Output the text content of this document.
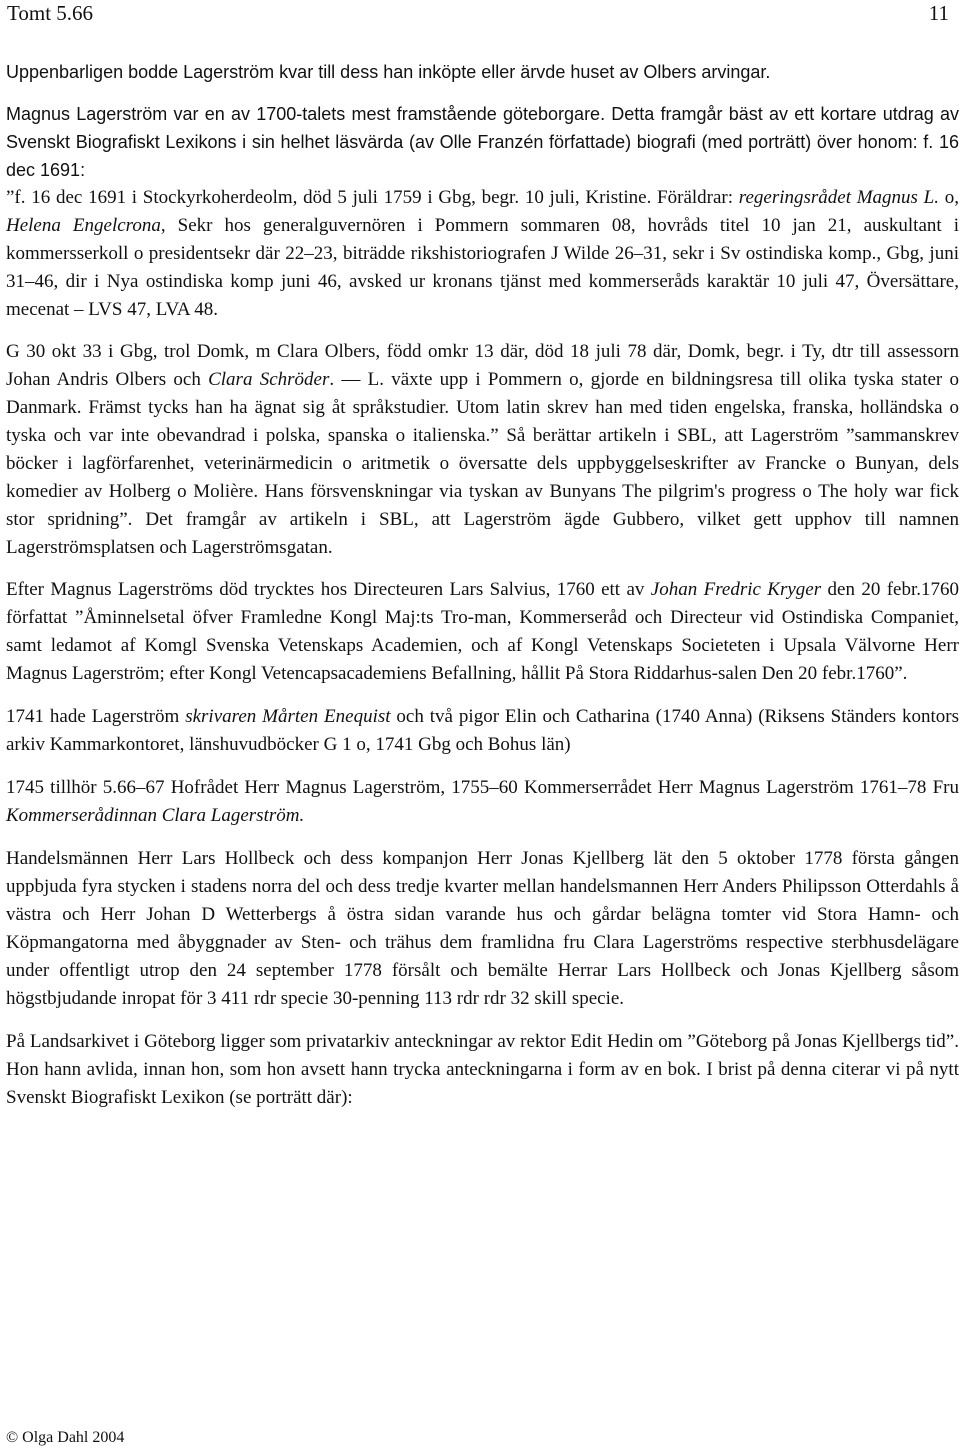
Tomt 5.66	11

Uppenbarligen bodde Lagerström kvar till dess han inköpte eller ärvde huset av Olbers arvingar.

Magnus Lagerström var en av 1700-talets mest framstående göteborgare. Detta framgår bäst av ett kortare utdrag av Svenskt Biografiskt Lexikons i sin helhet läsvärda (av Olle Franzén författade) biografi (med porträtt) över honom: f. 16 dec 1691:

”f. 16 dec 1691 i Stockyrkoherdeolm, död 5 juli 1759 i Gbg, begr. 10 juli, Kristine. Föräldrar: regeringsrådet Magnus L. o, Helena Engelcrona, Sekr hos generalguvernören i Pommern sommaren 08, hovråds titel 10 jan 21, auskultant i kommersserkoll o presidentsekr där 22–23, biträdde rikshistoriografen J Wilde 26–31, sekr i Sv ostindiska komp., Gbg, juni 31–46, dir i Nya ostindiska komp juni 46, avsked ur kronans tjänst med kommerseråds karaktär 10 juli 47, Översättare, mecenat – LVS 47, LVA 48.

G 30 okt 33 i Gbg, trol Domk, m Clara Olbers, född omkr 13 där, död 18 juli 78 där, Domk, begr. i Ty, dtr till assessorn Johan Andris Olbers och Clara Schröder. — L. växte upp i Pommern o, gjorde en bildningsresa till olika tyska stater o Danmark. Främst tycks han ha ägnat sig åt språkstudier. Utom latin skrev han med tiden engelska, franska, holländska o tyska och var inte obevandrad i polska, spanska o italienska.” Så berättar artikeln i SBL, att Lagerström ”sammanskrev böcker i lagförfarenhet, veterinärmedicin o aritmetik o översatte dels uppbyggelseskrifter av Francke o Bunyan, dels komedier av Holberg o Molière. Hans försvenskningar via tyskan av Bunyans The pilgrim's progress o The holy war fick stor spridning”. Det framgår av artikeln i SBL, att Lagerström ägde Gubbero, vilket gett upphov till namnen Lagerströmsplatsen och Lagerströmsgatan.

Efter Magnus Lagerströms död trycktes hos Directeuren Lars Salvius, 1760 ett av Johan Fredric Kryger den 20 febr.1760 författat ”Åminnelsetal öfver Framledne Kongl Maj:ts Tro-man, Kommerseråd och Directeur vid Ostindiska Companiet, samt ledamot af Komgl Svenska Vetenskaps Academien, och af Kongl Vetenskaps Societeten i Upsala Välvorne Herr Magnus Lagerström; efter Kongl Vetencapsacademiens Befallning, hållit På Stora Riddarhus-salen Den 20 febr.1760”.

1741 hade Lagerström skrivaren Mårten Enequist och två pigor Elin och Catharina (1740 Anna) (Riksens Ständers kontors arkiv Kammarkontoret, länshuvudböcker G 1 o, 1741 Gbg och Bohus län)

1745 tillhör 5.66–67 Hofrådet Herr Magnus Lagerström, 1755–60 Kommerserrådet Herr Magnus Lagerström 1761–78 Fru Kommerserådinnan Clara Lagerström.

Handelsmännen Herr Lars Hollbeck och dess kompanjon Herr Jonas Kjellberg lät den 5 oktober 1778 första gången uppbjuda fyra stycken i stadens norra del och dess tredje kvarter mellan handelsmannen Herr Anders Philipsson Otterdahls å västra och Herr Johan D Wetterbergs å östra sidan varande hus och gårdar belägna tomter vid Stora Hamn- och Köpmangatorna med åbyggnader av Sten- och trähus dem framlidna fru Clara Lagerströms respective sterbhusdelägare under offentligt utrop den 24 september 1778 försålt och bemälte Herrar Lars Hollbeck och Jonas Kjellberg såsom högstbjudande inropat för 3 411 rdr specie 30-penning 113 rdr rdr 32 skill specie.

På Landsarkivet i Göteborg ligger som privatarkiv anteckningar av rektor Edit Hedin om ”Göteborg på Jonas Kjellbergs tid”. Hon hann avlida, innan hon, som hon avsett hann trycka anteckningarna i form av en bok. I brist på denna citerar vi på nytt Svenskt Biografiskt Lexikon (se porträtt där):

© Olga Dahl 2004
